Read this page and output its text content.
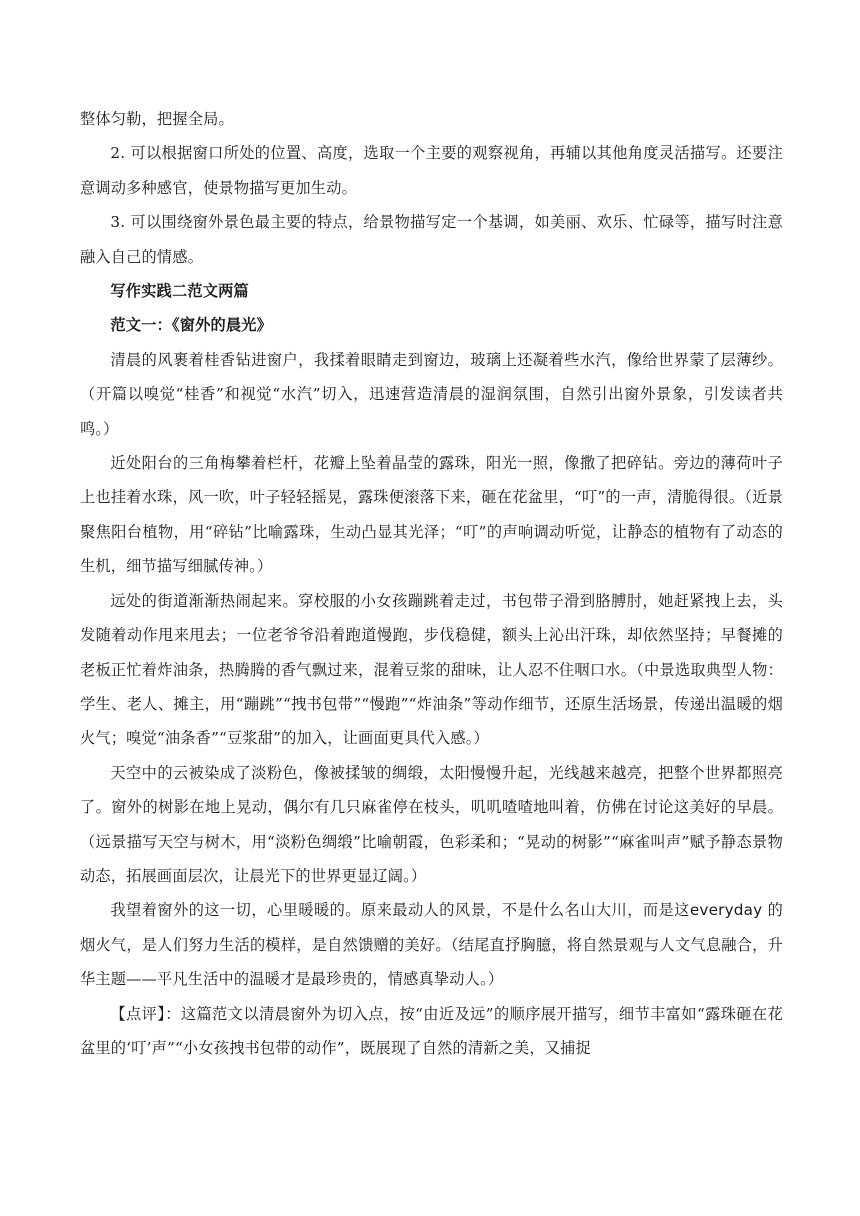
整体匀勒，把握全局。

2. 可以根据窗口所处的位置、高度，选取一个主要的观察视角，再辅以其他角度灵活描写。还要注意调动多种感官，使景物描写更加生动。

3. 可以围绕窗外景色最主要的特点，给景物描写定一个基调，如美丽、欢乐、忙碌等，描写时注意融入自己的情感。

写作实践二范文两篇

范文一：《窗外的晨光》

清晨的风裹着桂香钻进窗户，我揉着眼睛走到窗边，玻璃上还凝着些水汽，像给世界蒙了层薄纱。（开篇以嗅觉“桂香”和视觉“水汽”切入，迅速营造清晨的湿润氛围，自然引出窗外景象，引发读者共鸣。）

近处阳台的三角梅攀着栏杆，花瓣上坠着晶莹的露珠，阳光一照，像撒了把碎钻。旁边的薄荷叶子上也挂着水珠，风一吹，叶子轻轻摇晃，露珠便滚落下来，砸在花盆里，“叮”的一声，清脆得很。（近景聚焦阳台植物，用“碎钻”比喻露珠，生动凸显其光泽；“叮”的声响调动听觉，让静态的植物有了动态的生机，细节描写细腻传神。）

远处的街道渐渐热闹起来。穿校服的小女孩蹦跳着走过，书包带子滑到胳膊肘，她赶紧拽上去，头发随着动作甩来甩去；一位老爷爷沿着跑道慢跑，步伐稳健，额头上沁出汗珠，却依然坚持；早餐摊的老板正忙着炸油条，热腾腾的香气飘过来，混着豆浆的甜味，让人忍不住咽口水。（中景选取典型人物：学生、老人、摊主，用“蹦跳”“拽书包带”“慢跑”“炸油条”等动作细节，还原生活场景，传递出温暖的烟火气；嗅觉“油条香”“豆浆甜”的加入，让画面更具代入感。）

天空中的云被染成了淡粉色，像被揉皱的绸缎，太阳慢慢升起，光线越来越亮，把整个世界都照亮了。窗外的树影在地上晃动，偶尔有几只麻雀停在枝头，叽叽喳喳地叫着，仿佛在讨论这美好的早晨。（远景描写天空与树木，用“淡粉色绸缎”比喻朝霞，色彩柔和；“晃动的树影”“麻雀叫声”赋予静态景物动态，拓展画面层次，让晨光下的世界更显辽阔。）

我望着窗外的这一切，心里暖暖的。原来最动人的风景，不是什么名山大川，而是这everyday 的烟火气，是人们努力生活的模样，是自然馈赠的美好。（结尾直抒胸臆，将自然景观与人文气息融合，升华主题——平凡生活中的温暖才是最珍贵的，情感真挚动人。）

【点评】：这篇范文以清晨窗外为切入点，按“由近及远”的顺序展开描写，细节丰富如“露珠砸在花盆里的‘叮’声”“小女孩拽书包带的动作”，既展现了自然的清新之美，又捕捉
